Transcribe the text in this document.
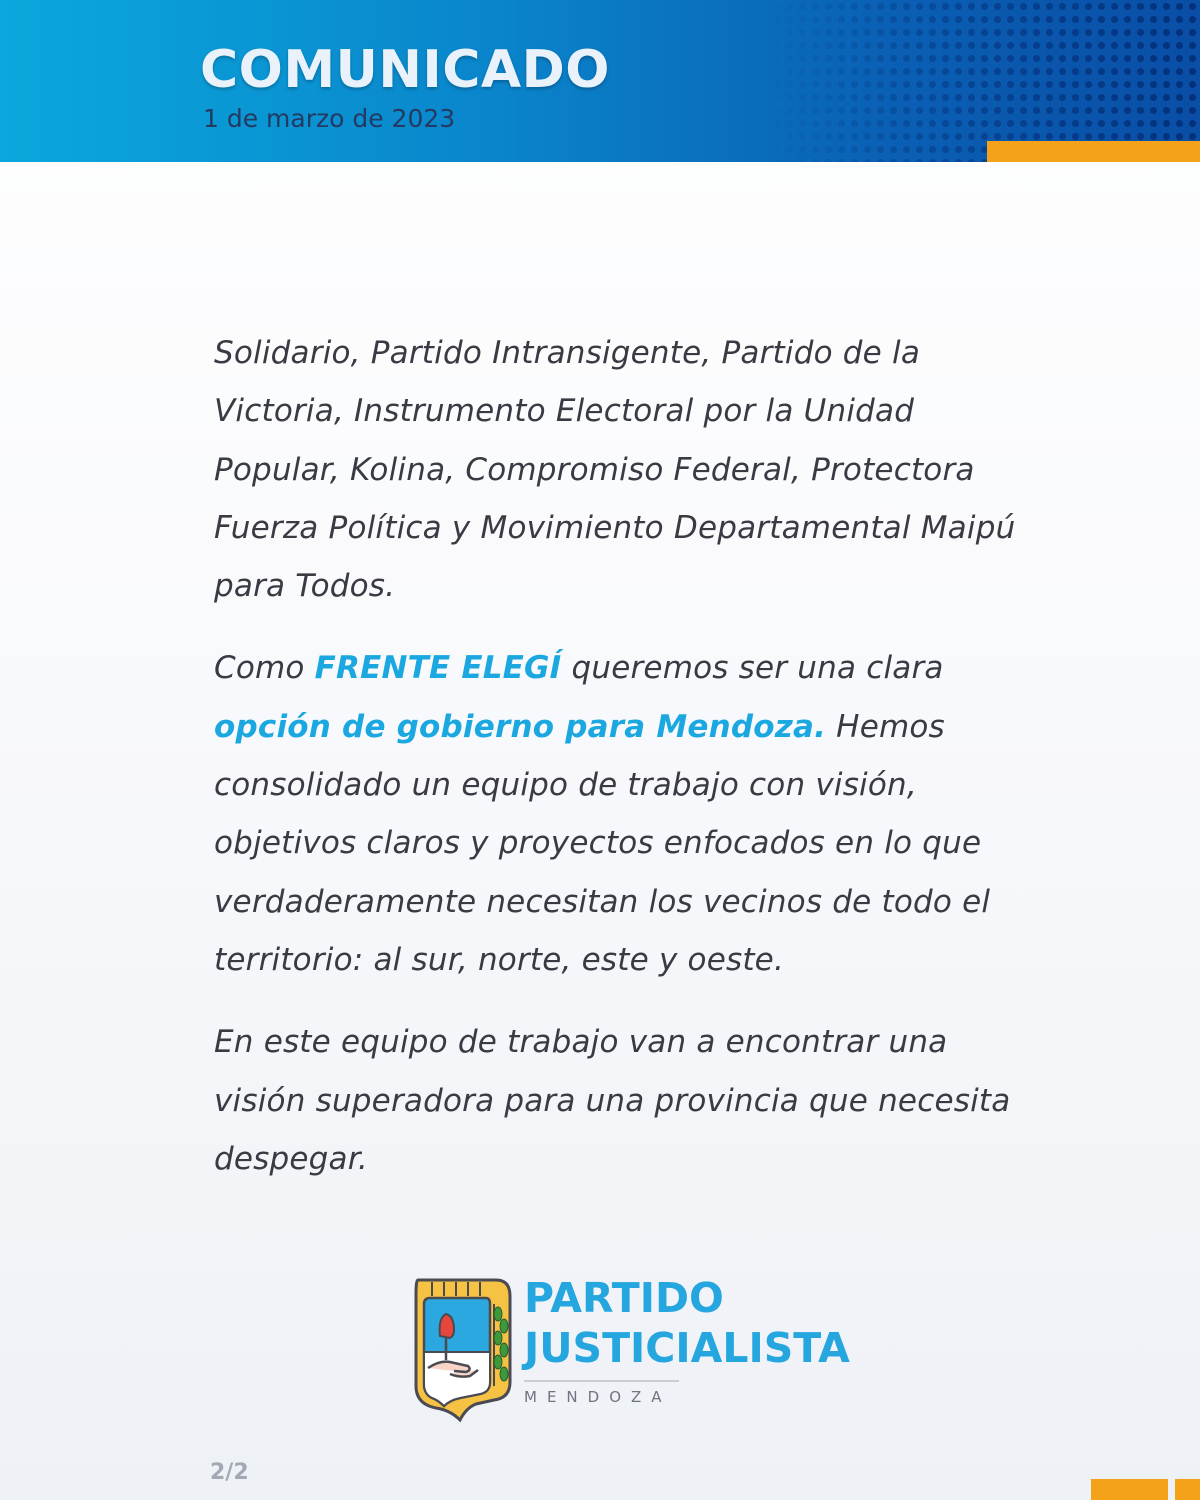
COMUNICADO
1 de marzo de 2023

Solidario, Partido Intransigente, Partido de la Victoria, Instrumento Electoral por la Unidad Popular, Kolina, Compromiso Federal, Protectora Fuerza Política y Movimiento Departamental Maipú para Todos.

Como FRENTE ELEGÍ queremos ser una clara opción de gobierno para Mendoza. Hemos consolidado un equipo de trabajo con visión, objetivos claros y proyectos enfocados en lo que verdaderamente necesitan los vecinos de todo el territorio: al sur, norte, este y oeste.

En este equipo de trabajo van a encontrar una visión superadora para una provincia que necesita despegar.

PARTIDO
JUSTICIALISTA
MENDOZA
2/2
